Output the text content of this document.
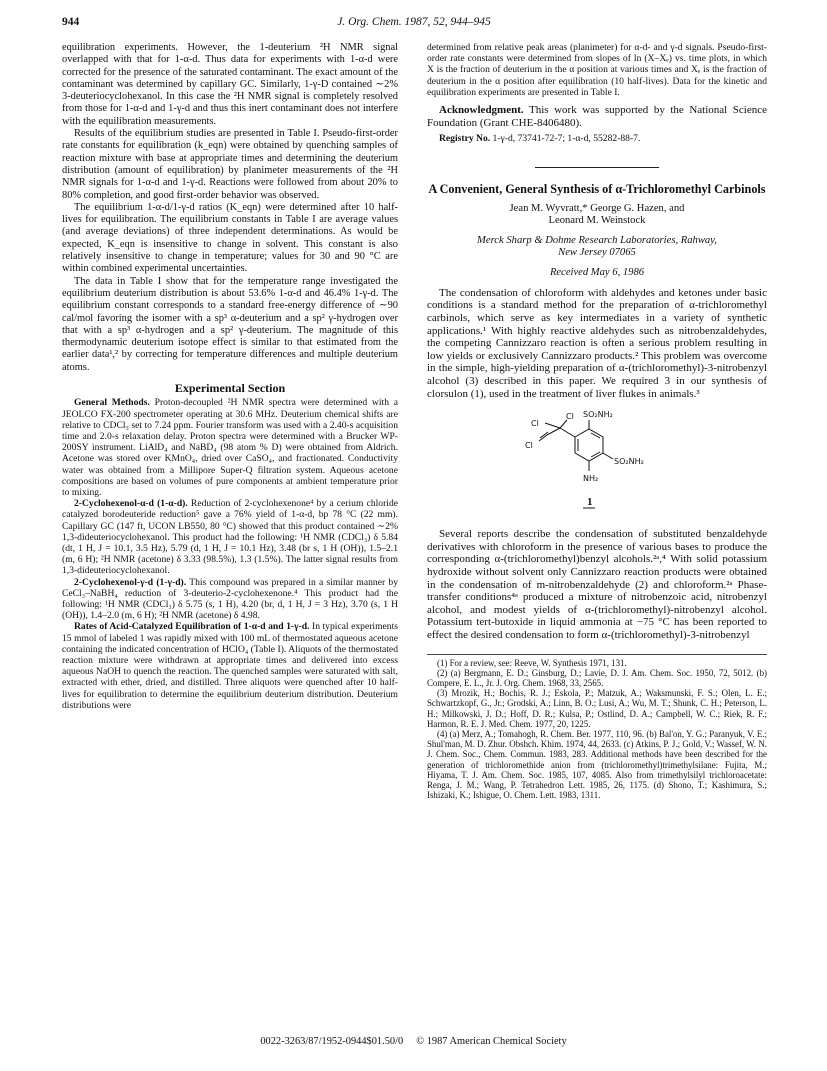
944	J. Org. Chem. 1987, 52, 944–945

equilibration experiments. However, the 1-deuterium ²H NMR signal overlapped with that for 1-α-d. Thus data for experiments with 1-α-d were corrected for the presence of the saturated contaminant. The exact amount of the contaminant was determined by capillary GC. Similarly, 1-γ-D contained ∼2% 3-deuteriocyclohexanol. In this case the ²H NMR signal is completely resolved from those for 1-α-d and 1-γ-d and thus this inert contaminant does not interfere with the equilibration measurements.

Results of the equilibrium studies are presented in Table I. Pseudo-first-order rate constants for equilibration (k_eqn) were obtained by quenching samples of reaction mixture with base at appropriate times and determining the deuterium distribution (amount of equilibration) by planimeter measurements of the ²H NMR signals for 1-α-d and 1-γ-d. Reactions were followed from about 20% to 80% completion, and good first-order behavior was observed.

The equilibrium 1-α-d/1-γ-d ratios (K_eqn) were determined after 10 half-lives for equilibration. The equilibrium constants in Table I are average values (and average deviations) of three independent determinations. As would be expected, K_eqn is insensitive to change in solvent. This constant is also relatively insensitive to change in temperature; values for 30 and 90 °C are within combined experimental uncertainties.

The data in Table I show that for the temperature range investigated the equilibrium deuterium distribution is about 53.6% 1-α-d and 46.4% 1-γ-d. The equilibrium constant corresponds to a standard free-energy difference of ∼90 cal/mol favoring the isomer with a sp³ α-deuterium and a sp² γ-hydrogen over that with a sp³ α-hydrogen and a sp² γ-deuterium. The magnitude of this thermodynamic deuterium isotope effect is similar to that estimated from the earlier data¹,² by correcting for temperature differences and multiple deuterium atoms.

Experimental Section

General Methods. Proton-decoupled ²H NMR spectra were determined with a JEOLCO FX-200 spectrometer operating at 30.6 MHz. Deuterium chemical shifts are relative to CDCl₃ set to 7.24 ppm. Fourier transform was used with a 2.40-s acquisition time and 2.0-s relaxation delay. Proton spectra were determined with a Brucker WP-200SY instrument. LiAlD₄ and NaBD₄ (98 atom % D) were obtained from Aldrich. Acetone was stored over KMnO₄, dried over CaSO₄, and fractionated. Conductivity water was obtained from a Millipore Super-Q filtration system. Aqueous acetone compositions are based on volumes of pure components at ambient temperature prior to mixing.

2-Cyclohexenol-α-d (1-α-d). Reduction of 2-cyclohexenone⁴ by a cerium chloride catalyzed borodeuteride reduction⁵ gave a 76% yield of 1-α-d, bp 78 °C (22 mm). Capillary GC (147 ft, UCON LB550, 80 °C) showed that this product contained ∼2% 1,3-dideuteriocyclohexanol. This product had the following: ¹H NMR (CDCl₃) δ 5.84 (dt, 1 H, J = 10.1, 3.5 Hz), 5.79 (d, 1 H, J = 10.1 Hz), 3.48 (br s, 1 H (OH)), 1.5–2.1 (m, 6 H); ²H NMR (acetone) δ 3.33 (98.5%), 1.3 (1.5%). The latter signal results from 1,3-dideuteriocyclohexanol.

2-Cyclohexenol-γ-d (1-γ-d). This compound was prepared in a similar manner by CeCl₃–NaBH₄ reduction of 3-deuterio-2-cyclohexenone.⁴ This product had the following: ¹H NMR (CDCl₃) δ 5.75 (s, 1 H), 4.20 (br, d, 1 H, J = 3 Hz), 3.70 (s, 1 H (OH)), 1.4–2.0 (m, 6 H); ²H NMR (acetone) δ 4.98.

Rates of Acid-Catalyzed Equilibration of 1-α-d and 1-γ-d. In typical experiments 15 mmol of labeled 1 was rapidly mixed with 100 mL of thermostated aqueous acetone containing the indicated concentration of HClO₄ (Table I). Aliquots of the thermostated reaction mixture were withdrawn at appropriate times and delivered into excess aqueous NaOH to quench the reaction. The quenched samples were saturated with salt, extracted with ether, dried, and distilled. Three aliquots were quenched after 10 half-lives for equilibration to determine the equilibrium deuterium distribution. Deuterium distributions were

determined from relative peak areas (planimeter) for α-d- and γ-d signals. Pseudo-first-order rate constants were determined from slopes of ln (X–Xₑ) vs. time plots, in which X is the fraction of deuterium in the α position at various times and Xₑ is the fraction of deuterium in the α position after equilibration (10 half-lives). Data for the kinetic and equilibration experiments are presented in Table I.

Acknowledgment. This work was supported by the National Science Foundation (Grant CHE-8406480).

Registry No. 1-γ-d, 73741-72-7; 1-α-d, 55282-88-7.

A Convenient, General Synthesis of α-Trichloromethyl Carbinols
Jean M. Wyvratt,* George G. Hazen, and
Leonard M. Weinstock
Merck Sharp & Dohme Research Laboratories, Rahway,
New Jersey 07065
Received May 6, 1986

The condensation of chloroform with aldehydes and ketones under basic conditions is a standard method for the preparation of α-trichloromethyl carbinols, which serve as key intermediates in a variety of synthetic applications.¹ With highly reactive aldehydes such as nitrobenzaldehydes, the competing Cannizzaro reaction is often a serious problem resulting in low yields or exclusively Cannizzaro products.² This problem was overcome in the simple, high-yielding preparation of α-(trichloromethyl)-3-nitrobenzyl alcohol (3) described in this paper. We required 3 in our synthesis of clorsulon (1), used in the treatment of liver flukes in animals.³

Cl
Cl
Cl
SO₂NH₂
SO₂NH₂
NH₂
1

Several reports describe the condensation of substituted benzaldehyde derivatives with chloroform in the presence of various bases to produce the corresponding α-(trichloromethyl)benzyl alcohols.²ᵃ,⁴ With solid potassium hydroxide without solvent only Cannizzaro reaction products were obtained in the condensation of m-nitrobenzaldehyde (2) and chloroform.²ᵃ Phase-transfer conditions⁴ᵃ produced a mixture of nitrobenzoic acid, nitrobenzyl alcohol, and modest yields of α-(trichloromethyl)-nitrobenzyl alcohol. Potassium tert-butoxide in liquid ammonia at −75 °C has been reported to effect the desired condensation to form α-(trichloromethyl)-3-nitrobenzyl

(1) For a review, see: Reeve, W. Synthesis 1971, 131.

(2) (a) Bergmann, E. D.; Ginsburg, D.; Lavie, D. J. Am. Chem. Soc. 1950, 72, 5012. (b) Compere, E. L., Jr. J. Org. Chem. 1968, 33, 2565.

(3) Mrozik, H.; Bochis, R. J.; Eskola, P.; Matzuk, A.; Waksmunski, F. S.; Olen, L. E.; Schwartzkopf, G., Jr.; Grodski, A.; Linn, B. O.; Lusi, A.; Wu, M. T.; Shunk, C. H.; Peterson, L. H.; Milkowski, J. D.; Hoff, D. R.; Kulsa, P.; Ostlind, D. A.; Campbell, W. C.; Riek, R. F.; Harmon, R. E. J. Med. Chem. 1977, 20, 1225.

(4) (a) Merz, A.; Tomahogh, R. Chem. Ber. 1977, 110, 96. (b) Bal'on, Y. G.; Paranyuk, V. E.; Shul'man, M. D. Zhur. Obshch. Khim. 1974, 44, 2633. (c) Atkins, P. J.; Gold, V.; Wassef, W. N. J. Chem. Soc., Chem. Commun. 1983, 283. Additional methods have been described for the generation of trichloromethide anion from (trichloromethyl)trimethylsilane: Fujita, M.; Hiyama, T. J. Am. Chem. Soc. 1985, 107, 4085. Also from trimethylsilyl trichloroacetate: Renga, J. M.; Wang, P. Tetrahedron Lett. 1985, 26, 1175. (d) Shono, T.; Kashimura, S.; Ishizaki, K.; Ishigue, O. Chem. Lett. 1983, 1311.

0022-3263/87/1952-0944$01.50/0 © 1987 American Chemical Society
